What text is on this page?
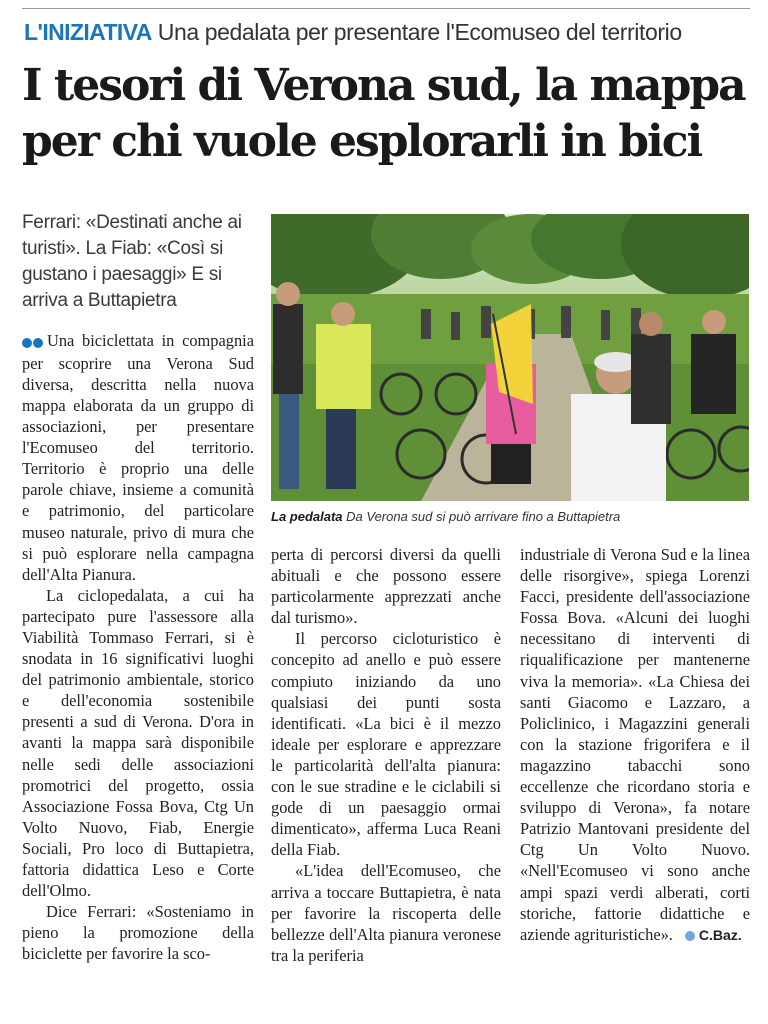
L'INIZIATIVA Una pedalata per presentare l'Ecomuseo del territorio
I tesori di Verona sud, la mappa
per chi vuole esplorarli in bici
Ferrari: «Destinati anche ai turisti». La Fiab: «Così si gustano i paesaggi» E si arriva a Buttapietra
La pedalata Da Verona sud si può arrivare fino a Buttapietra

Una biciclettata in compagnia per scoprire una Verona Sud diversa, descritta nella nuova mappa elaborata da un gruppo di associazioni, per presentare l'Ecomuseo del territorio. Territorio è proprio una delle parole chiave, insieme a comunità e patrimonio, del particolare museo naturale, privo di mura che si può esplorare nella campagna dell'Alta Pianura.

La ciclopedalata, a cui ha partecipato pure l'assessore alla Viabilità Tommaso Ferrari, si è snodata in 16 significativi luoghi del patrimonio ambientale, storico e dell'economia sostenibile presenti a sud di Verona. D'ora in avanti la mappa sarà disponibile nelle sedi delle associazioni promotrici del progetto, ossia Associazione Fossa Bova, Ctg Un Volto Nuovo, Fiab, Energie Sociali, Pro loco di Buttapietra, fattoria didattica Leso e Corte dell'Olmo.

Dice Ferrari: «Sosteniamo in pieno la promozione della biciclette per favorire la sco-

perta di percorsi diversi da quelli abituali e che possono essere particolarmente apprezzati anche dal turismo».

Il percorso cicloturistico è concepito ad anello e può essere compiuto iniziando da uno qualsiasi dei punti sosta identificati. «La bici è il mezzo ideale per esplorare e apprezzare le particolarità dell'alta pianura: con le sue stradine e le ciclabili si gode di un paesaggio ormai dimenticato», afferma Luca Reani della Fiab.

«L'idea dell'Ecomuseo, che arriva a toccare Buttapietra, è nata per favorire la riscoperta delle bellezze dell'Alta pianura veronese tra la periferia

industriale di Verona Sud e la linea delle risorgive», spiega Lorenzi Facci, presidente dell'associazione Fossa Bova. «Alcuni dei luoghi necessitano di interventi di riqualificazione per mantenerne viva la memoria». «La Chiesa dei santi Giacomo e Lazzaro, a Policlinico, i Magazzini generali con la stazione frigorifera e il magazzino tabacchi sono eccellenze che ricordano storia e sviluppo di Verona», fa notare Patrizio Mantovani presidente del Ctg Un Volto Nuovo. «Nell'Ecomuseo vi sono anche ampi spazi verdi alberati, corti storiche, fattorie didattiche e aziende agrituristiche». C.Baz.
